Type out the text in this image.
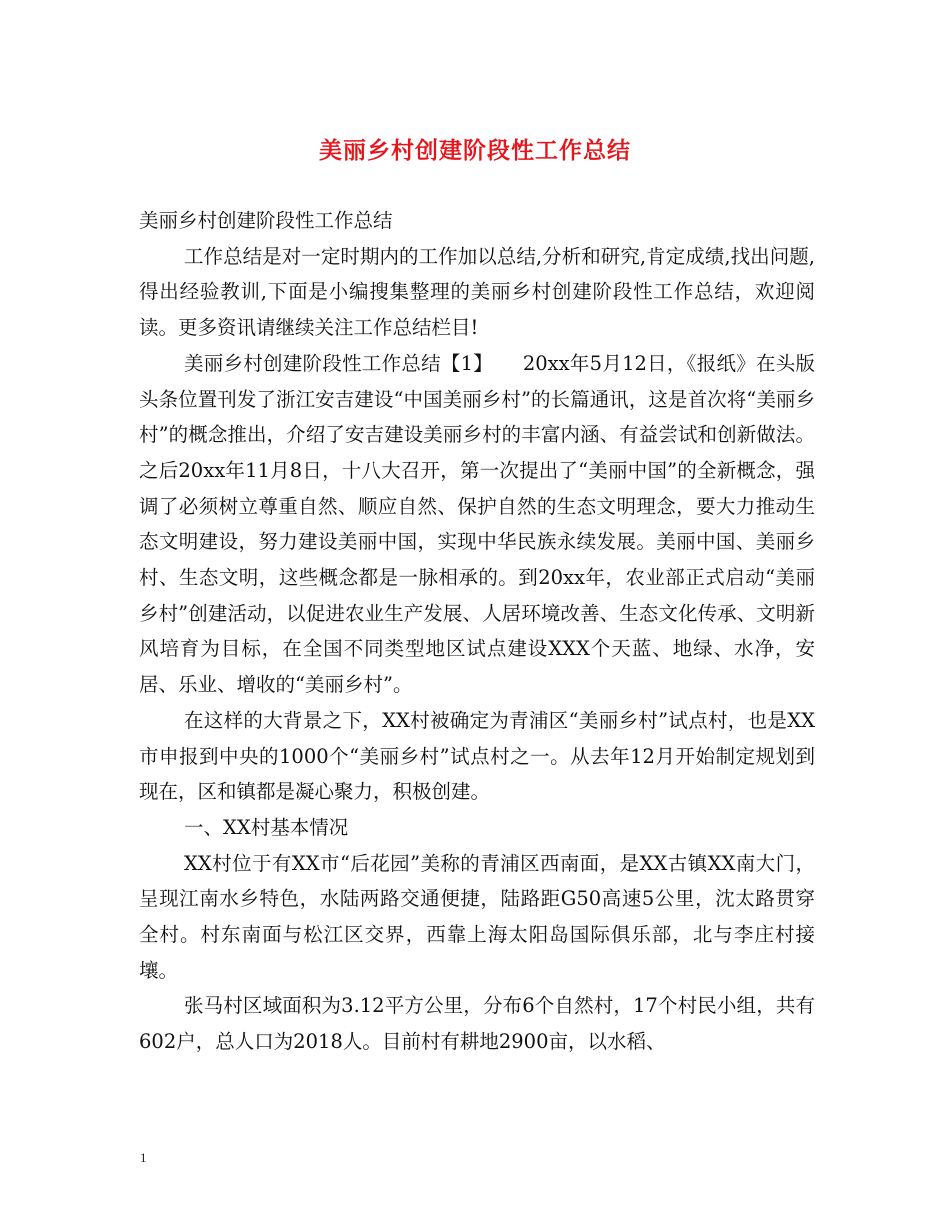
美丽乡村创建阶段性工作总结

美丽乡村创建阶段性工作总结

工作总结是对一定时期内的工作加以总结,分析和研究,肯定成绩,找出问题,得出经验教训,下面是小编搜集整理的美丽乡村创建阶段性工作总结，欢迎阅读。更多资讯请继续关注工作总结栏目!

美丽乡村创建阶段性工作总结【1】　　20xx年5月12日，《报纸》在头版头条位置刊发了浙江安吉建设“中国美丽乡村”的长篇通讯，这是首次将“美丽乡村”的概念推出，介绍了安吉建设美丽乡村的丰富内涵、有益尝试和创新做法。之后20xx年11月8日，十八大召开，第一次提出了“美丽中国”的全新概念，强调了必须树立尊重自然、顺应自然、保护自然的生态文明理念，要大力推动生态文明建设，努力建设美丽中国，实现中华民族永续发展。美丽中国、美丽乡村、生态文明，这些概念都是一脉相承的。到20xx年，农业部正式启动“美丽乡村”创建活动，以促进农业生产发展、人居环境改善、生态文化传承、文明新风培育为目标，在全国不同类型地区试点建设XXX个天蓝、地绿、水净，安居、乐业、增收的“美丽乡村”。

在这样的大背景之下，XX村被确定为青浦区“美丽乡村”试点村，也是XX市申报到中央的1000个“美丽乡村”试点村之一。从去年12月开始制定规划到现在，区和镇都是凝心聚力，积极创建。

一、XX村基本情况

XX村位于有XX市“后花园”美称的青浦区西南面，是XX古镇XX南大门，呈现江南水乡特色，水陆两路交通便捷，陆路距G50高速5公里，沈太路贯穿全村。村东南面与松江区交界，西靠上海太阳岛国际俱乐部，北与李庄村接壤。

张马村区域面积为3.12平方公里，分布6个自然村，17个村民小组，共有602户，总人口为2018人。目前村有耕地2900亩，以水稻、

1
